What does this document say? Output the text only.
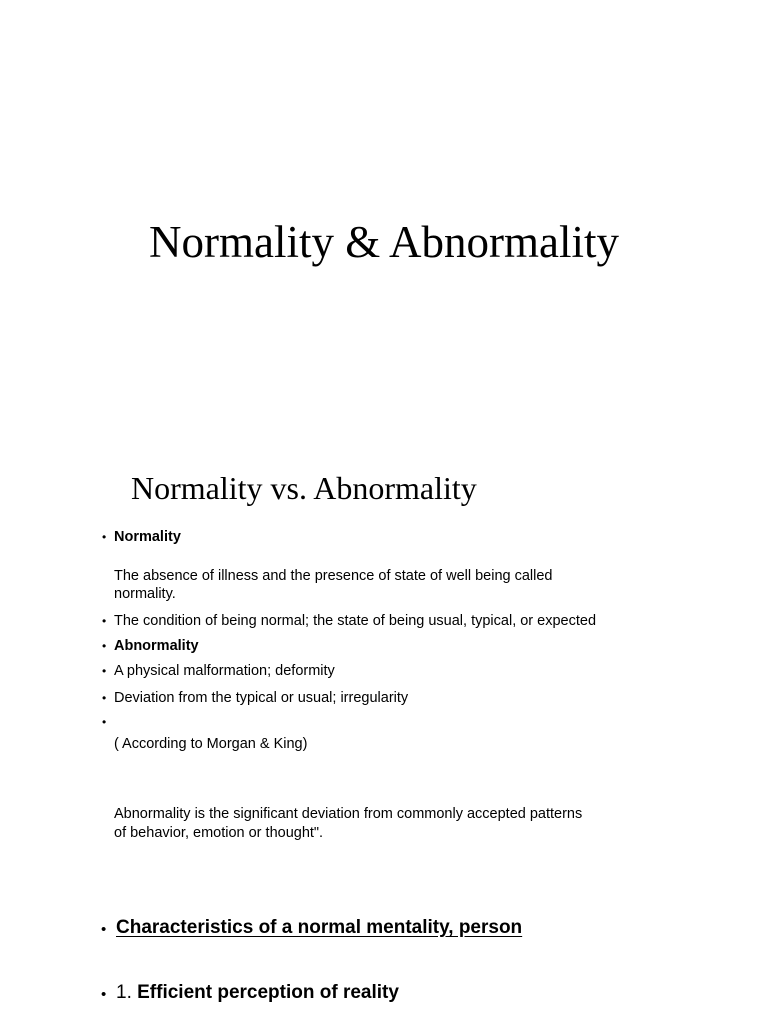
Normality & Abnormality
Normality vs. Abnormality
• Normality

The absence of illness and the presence of state of well being called

normality.

• The condition of being normal; the state of being usual, typical, or expected

• Abnormality

• A physical malformation; deformity

• Deviation from the typical or usual; irregularity

•

( According to Morgan & King)

Abnormality is the significant deviation from commonly accepted patterns

of behavior, emotion or thought".

• Characteristics of a normal mentality, person

• 1. Efficient perception of reality
